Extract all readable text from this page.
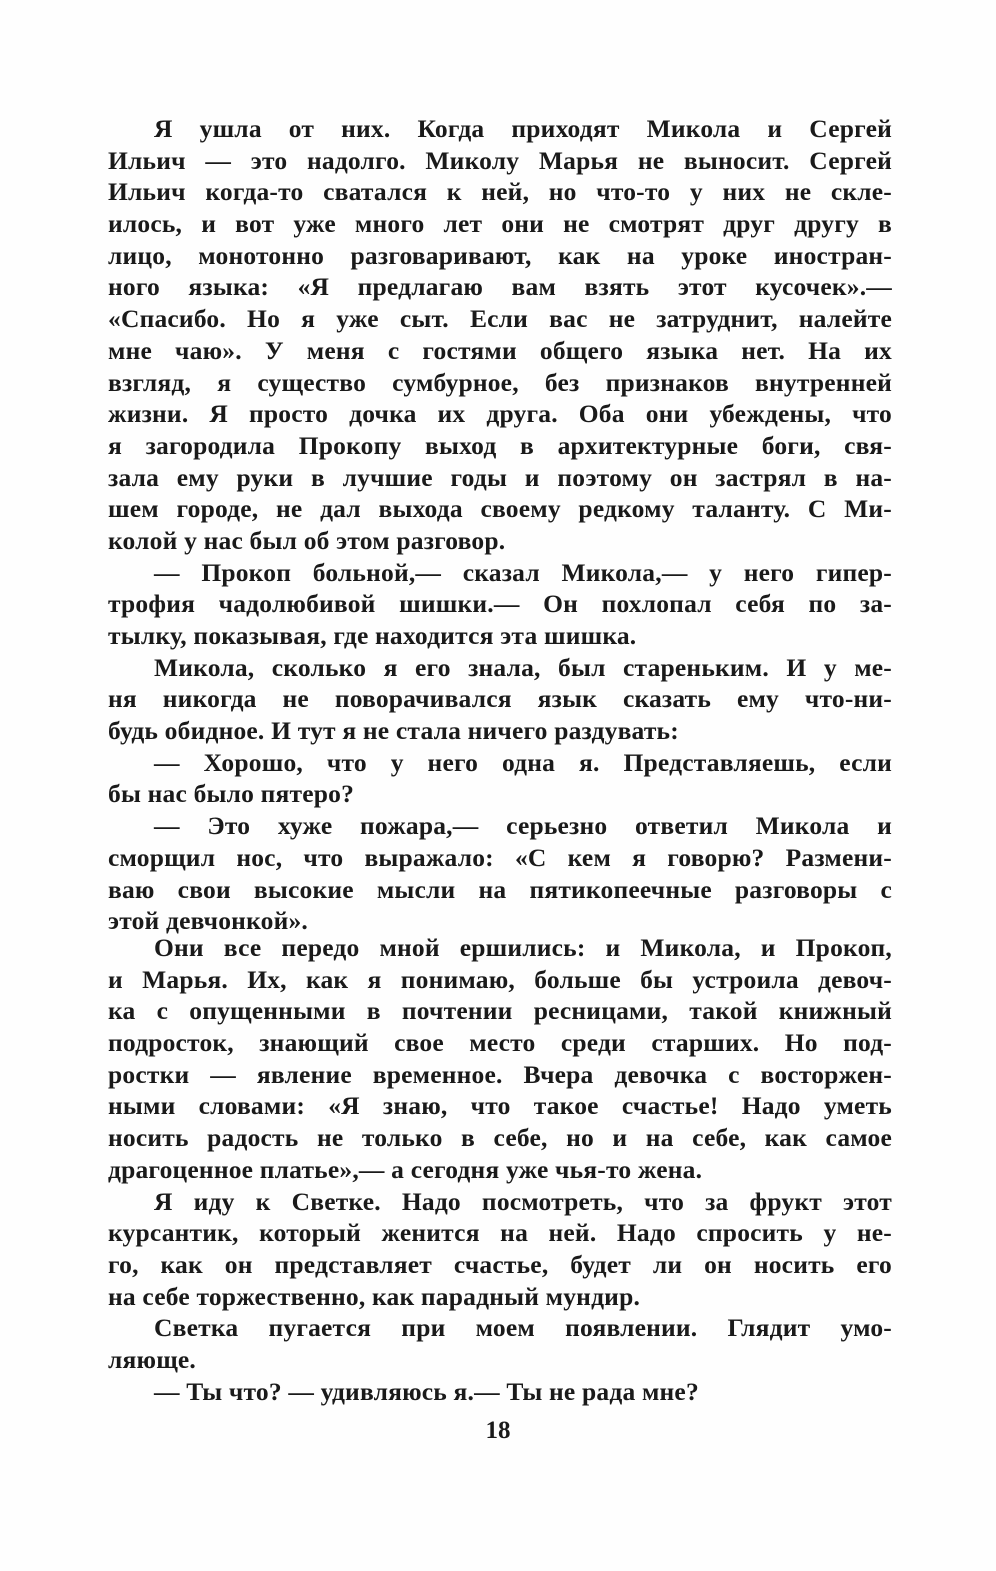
Я ушла от них. Когда приходят Микола и Сергей
Ильич — это надолго. Миколу Марья не выносит. Сергей
Ильич когда-то сватался к ней, но что-то у них не скле-
илось, и вот уже много лет они не смотрят друг другу в
лицо, монотонно разговаривают, как на уроке иностран-
ного языка: «Я предлагаю вам взять этот кусочек».—
«Спасибо. Но я уже сыт. Если вас не затруднит, налейте
мне чаю». У меня с гостями общего языка нет. На их
взгляд, я существо сумбурное, без признаков внутренней
жизни. Я просто дочка их друга. Оба они убеждены, что
я загородила Прокопу выход в архитектурные боги, свя-
зала ему руки в лучшие годы и поэтому он застрял в на-
шем городе, не дал выхода своему редкому таланту. С Ми-
колой у нас был об этом разговор.
— Прокоп больной,— сказал Микола,— у него гипер-
трофия чадолюбивой шишки.— Он похлопал себя по за-
тылку, показывая, где находится эта шишка.
Микола, сколько я его знала, был стареньким. И у ме-
ня никогда не поворачивался язык сказать ему что-ни-
будь обидное. И тут я не стала ничего раздувать:
— Хорошо, что у него одна я. Представляешь, если
бы нас было пятеро?
— Это хуже пожара,— серьезно ответил Микола и
сморщил нос, что выражало: «С кем я говорю? Размени-
ваю свои высокие мысли на пятикопеечные разговоры с
этой девчонкой».
Они все передо мной ершились: и Микола, и Прокоп,
и Марья. Их, как я понимаю, больше бы устроила девоч-
ка с опущенными в почтении ресницами, такой книжный
подросток, знающий свое место среди старших. Но под-
ростки — явление временное. Вчера девочка с восторжен-
ными словами: «Я знаю, что такое счастье! Надо уметь
носить радость не только в себе, но и на себе, как самое
драгоценное платье»,— а сегодня уже чья-то жена.
Я иду к Светке. Надо посмотреть, что за фрукт этот
курсантик, который женится на ней. Надо спросить у не-
го, как он представляет счастье, будет ли он носить его
на себе торжественно, как парадный мундир.
Светка пугается при моем появлении. Глядит умо-
ляюще.
— Ты что? — удивляюсь я.— Ты не рада мне?
18
